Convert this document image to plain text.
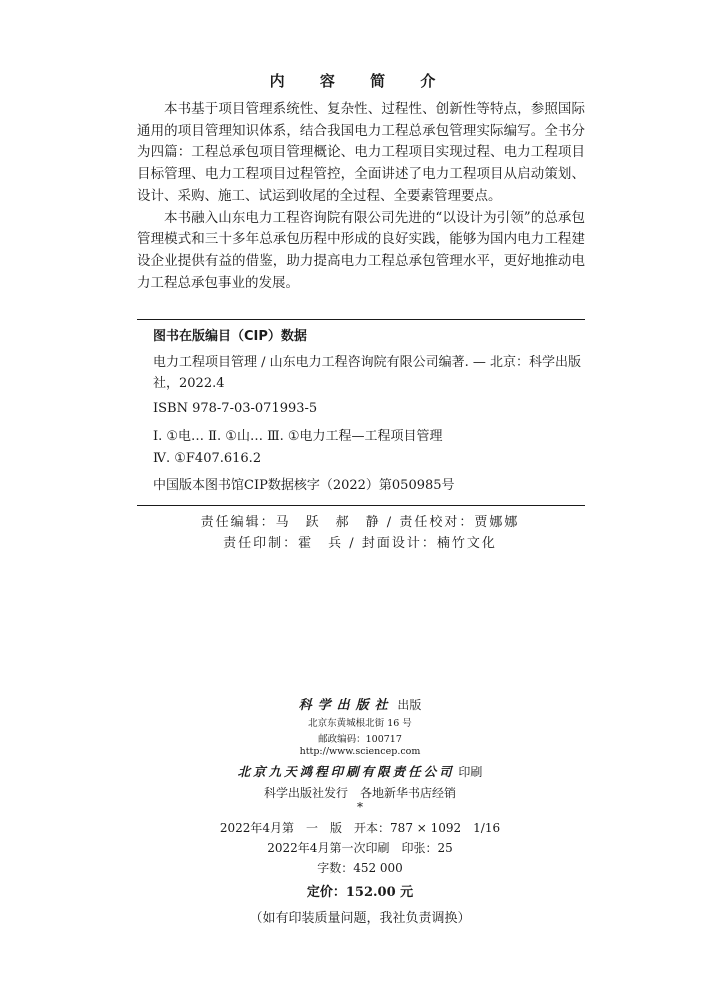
内 容 简 介

本书基于项目管理系统性、复杂性、过程性、创新性等特点，参照国际通用的项目管理知识体系，结合我国电力工程总承包管理实际编写。全书分为四篇：工程总承包项目管理概论、电力工程项目实现过程、电力工程项目目标管理、电力工程项目过程管控，全面讲述了电力工程项目从启动策划、设计、采购、施工、试运到收尾的全过程、全要素管理要点。

本书融入山东电力工程咨询院有限公司先进的“以设计为引领”的总承包管理模式和三十多年总承包历程中形成的良好实践，能够为国内电力工程建设企业提供有益的借鉴，助力提高电力工程总承包管理水平，更好地推动电力工程总承包事业的发展。

图书在版编目（CIP）数据
电力工程项目管理 / 山东电力工程咨询院有限公司编著. — 北京：科学出版社，2022.4
ISBN 978-7-03-071993-5
Ⅰ. ①电… Ⅱ. ①山… Ⅲ. ①电力工程—工程项目管理
Ⅳ. ①F407.616.2
中国版本图书馆CIP数据核字（2022）第050985号
责任编辑：马　跃　郝　静 / 责任校对：贾娜娜
责任印制：霍　兵 / 封面设计：楠竹文化
科学出版社 出版
北京东黄城根北街 16 号
邮政编码：100717
http://www.sciencep.com
北京九天鸿程印刷有限责任公司 印刷
科学出版社发行　各地新华书店经销
*
2022年4月第　一　版　开本：787 × 1092　1/16
2022年4月第一次印刷　印张：25
字数：452 000
定价：152.00 元
（如有印装质量问题，我社负责调换）
